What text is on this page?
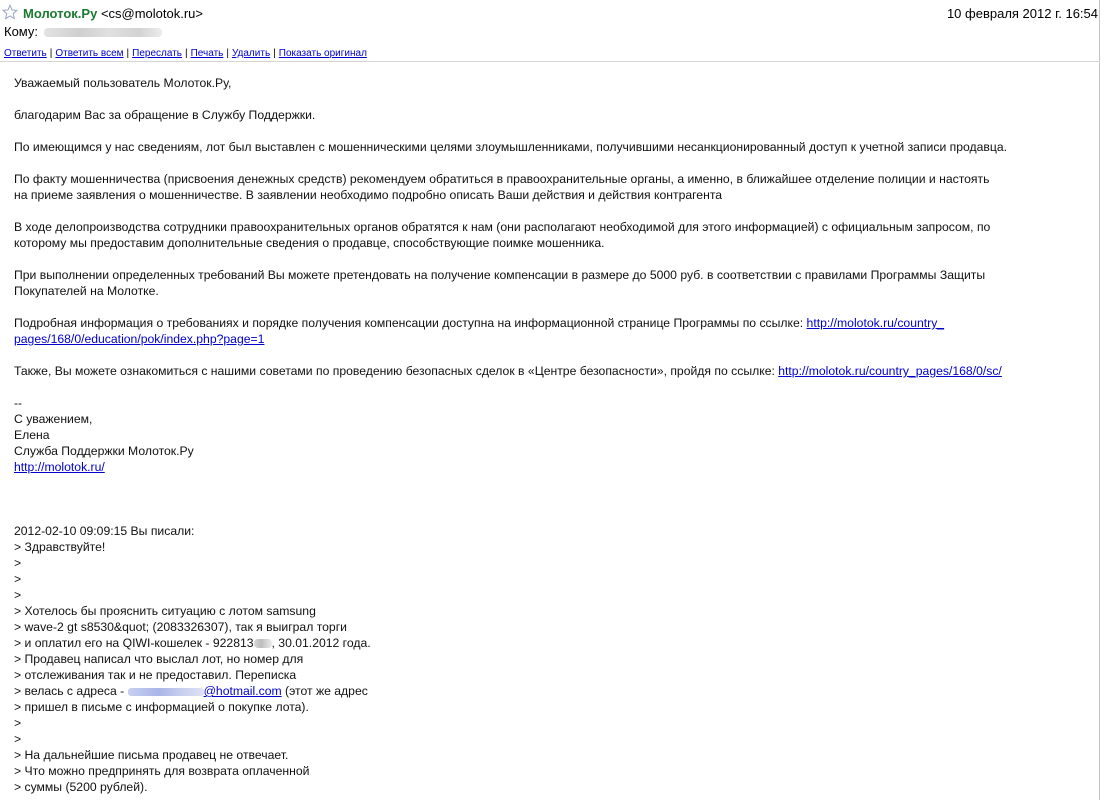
Молоток.Ру <cs@molotok.ru>	10 февраля 2012 г. 16:54
Кому:
Ответить | Ответить всем | Переслать | Печать | Удалить | Показать оригинал

Уважаемый пользователь Молоток.Ру,

благодарим Вас за обращение в Службу Поддержки.

По имеющимся у нас сведениям, лот был выставлен с мошенническими целями злоумышленниками, получившими несанкционированный доступ к учетной записи продавца.

По факту мошенничества (присвоения денежных средств) рекомендуем обратиться в правоохранительные органы, а именно, в ближайшее отделение полиции и настоять
на приеме заявления о мошенничестве. В заявлении необходимо подробно описать Ваши действия и действия контрагента

В ходе делопроизводства сотрудники правоохранительных органов обратятся к нам (они располагают необходимой для этого информацией) с официальным запросом, по
которому мы предоставим дополнительные сведения о продавце, способствующие поимке мошенника.

При выполнении определенных требований Вы можете претендовать на получение компенсации в размере до 5000 руб. в соответствии с правилами Программы Защиты
Покупателей на Молотке.

Подробная информация о требованиях и порядке получения компенсации доступна на информационной странице Программы по ссылке: http://molotok.ru/country_
pages/168/0/education/pok/index.php?page=1

Также, Вы можете ознакомиться с нашими советами по проведению безопасных сделок в «Центре безопасности», пройдя по ссылке: http://molotok.ru/country_pages/168/0/sc/

--
С уважением,
Елена
Служба Поддержки Молоток.Ру
http://molotok.ru/
2012-02-10 09:09:15 Вы писали:
> Здравствуйте!
>
>
>
> Хотелось бы прояснить ситуацию с лотом samsung
> wave-2 gt s8530&quot; (2083326307), так я выиграл торги
> и оплатил его на QIWI-кошелек - 922813 , 30.01.2012 года.
> Продавец написал что выслал лот, но номер для
> отслеживания так и не предоставил. Переписка
> велась с адреса -	@hotmail.com (этот же адрес
> пришел в письме с информацией о покупке лота).
>
>
> На дальнейшие письма продавец не отвечает.
> Что можно предпринять для возврата оплаченной
> суммы (5200 рублей).
